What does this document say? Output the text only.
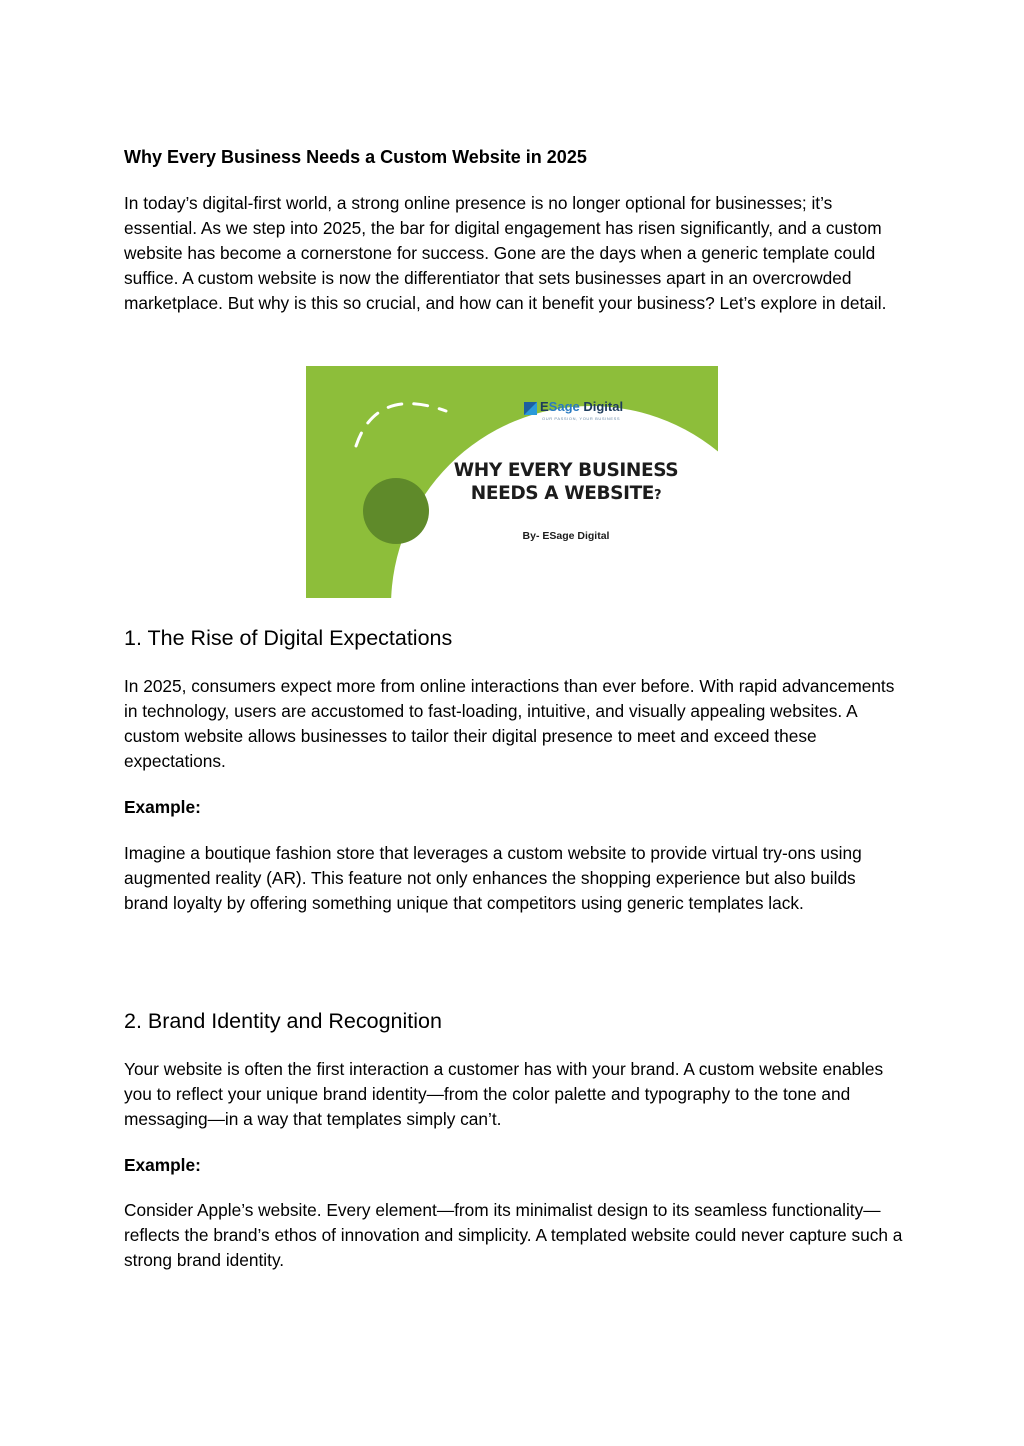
Why Every Business Needs a Custom Website in 2025

In today’s digital-first world, a strong online presence is no longer optional for businesses; it’s essential. As we step into 2025, the bar for digital engagement has risen significantly, and a custom website has become a cornerstone for success. Gone are the days when a generic template could suffice. A custom website is now the differentiator that sets businesses apart in an overcrowded marketplace. But why is this so crucial, and how can it benefit your business? Let’s explore in detail.

1. The Rise of Digital Expectations

In 2025, consumers expect more from online interactions than ever before. With rapid advancements in technology, users are accustomed to fast-loading, intuitive, and visually appealing websites. A custom website allows businesses to tailor their digital presence to meet and exceed these expectations.

Example:

Imagine a boutique fashion store that leverages a custom website to provide virtual try-ons using augmented reality (AR). This feature not only enhances the shopping experience but also builds brand loyalty by offering something unique that competitors using generic templates lack.

2. Brand Identity and Recognition

Your website is often the first interaction a customer has with your brand. A custom website enables you to reflect your unique brand identity—from the color palette and typography to the tone and messaging—in a way that templates simply can’t.

Example:

Consider Apple’s website. Every element—from its minimalist design to its seamless functionality—reflects the brand’s ethos of innovation and simplicity. A templated website could never capture such a strong brand identity.

ESage Digital
OUR PASSION, YOUR BUSINESS
WHY EVERY BUSINESS
NEEDS A WEBSITE?
By- ESage Digital
